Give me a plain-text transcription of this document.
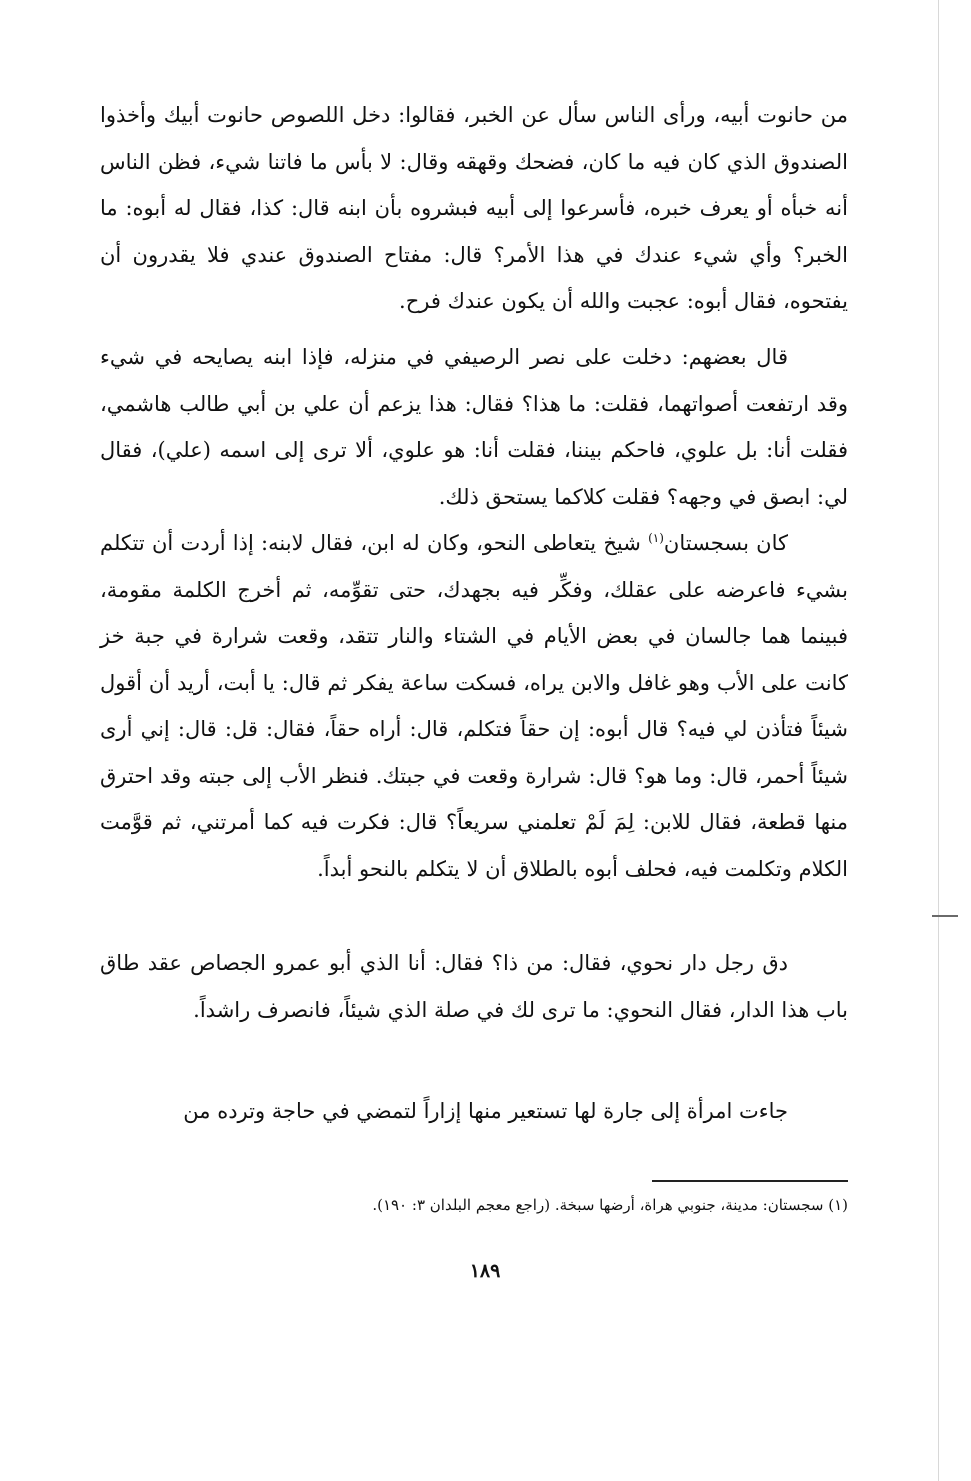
من حانوت أبيه، ورأى الناس سأل عن الخبر، فقالوا: دخل اللصوص حانوت أبيك وأخذوا الصندوق الذي كان فيه ما كان، فضحك وقهقه وقال: لا بأس ما فاتنا شيء، فظن الناس أنه خبأه أو يعرف خبره، فأسرعوا إلى أبيه فبشروه بأن ابنه قال: كذا، فقال له أبوه: ما الخبر؟ وأي شيء عندك في هذا الأمر؟ قال: مفتاح الصندوق عندي فلا يقدرون أن يفتحوه، فقال أبوه: عجبت والله أن يكون عندك فرح.

قال بعضهم: دخلت على نصر الرصيفي في منزله، فإذا ابنه يصايحه في شيء وقد ارتفعت أصواتهما، فقلت: ما هذا؟ فقال: هذا يزعم أن علي بن أبي طالب هاشمي، فقلت أنا: بل علوي، فاحكم بيننا، فقلت أنا: هو علوي، ألا ترى إلى اسمه (علي)، فقال لي: ابصق في وجهه؟ فقلت كلاكما يستحق ذلك.

كان بسجستان$^{(١)}$ شيخ يتعاطى النحو، وكان له ابن، فقال لابنه: إذا أردت أن تتكلم بشيء فاعرضه على عقلك، وفكِّر فيه بجهدك، حتى تقوِّمه، ثم أخرج الكلمة مقومة، فبينما هما جالسان في بعض الأيام في الشتاء والنار تتقد، وقعت شرارة في جبة خز كانت على الأب وهو غافل والابن يراه، فسكت ساعة يفكر ثم قال: يا أبت، أريد أن أقول شيئاً فتأذن لي فيه؟ قال أبوه: إن حقاً فتكلم، قال: أراه حقاً، فقال: قل: قال: إني أرى شيئاً أحمر، قال: وما هو؟ قال: شرارة وقعت في جبتك. فنظر الأب إلى جبته وقد احترق منها قطعة، فقال للابن: لِمَ لَمْ تعلمني سريعاً؟ قال: فكرت فيه كما أمرتني، ثم قوَّمت الكلام وتكلمت فيه، فحلف أبوه بالطلاق أن لا يتكلم بالنحو أبداً.

دق رجل دار نحوي، فقال: من ذا؟ فقال: أنا الذي أبو عمرو الجصاص عقد طاق باب هذا الدار، فقال النحوي: ما ترى لك في صلة الذي شيئاً، فانصرف راشداً.

جاءت امرأة إلى جارة لها تستعير منها إزاراً لتمضي في حاجة وترده من

(١) سجستان: مدينة، جنوبي هراة، أرضها سبخة. (راجع معجم البلدان ٣: ١٩٠).
١٨٩
